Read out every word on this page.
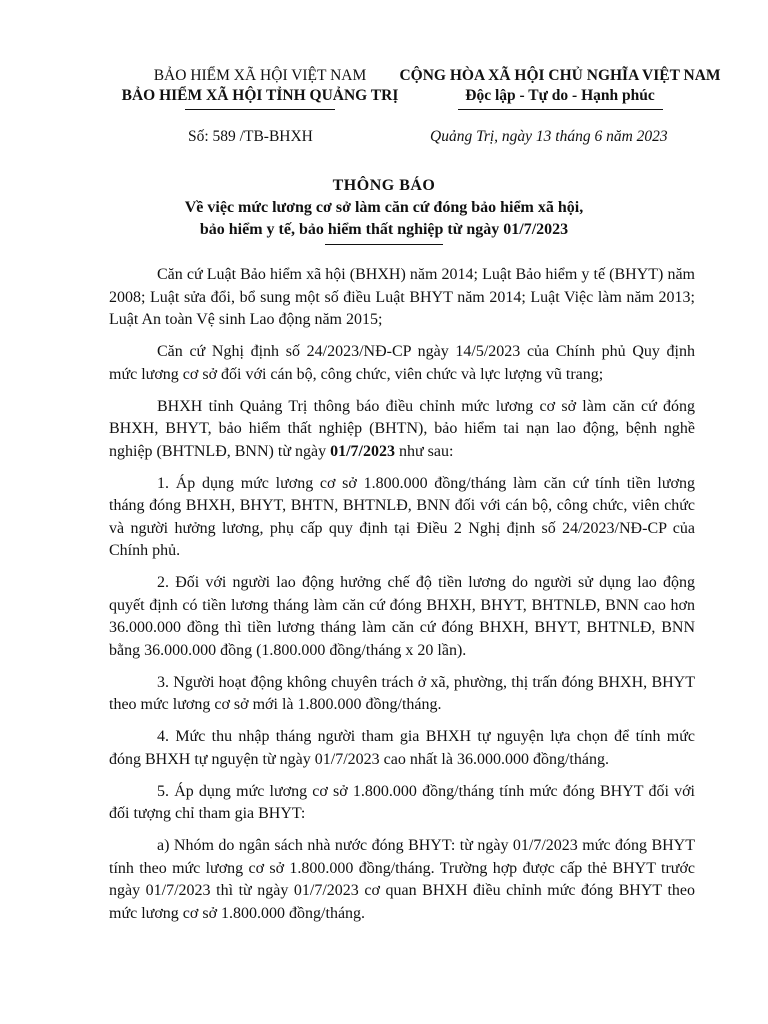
BẢO HIỂM XÃ HỘI VIỆT NAM
BẢO HIỂM XÃ HỘI TỈNH QUẢNG TRỊ
CỘNG HÒA XÃ HỘI CHỦ NGHĨA VIỆT NAM
Độc lập - Tự do - Hạnh phúc
Số: 589 /TB-BHXH	Quảng Trị, ngày 13 tháng 6 năm 2023
THÔNG BÁO
Về việc mức lương cơ sở làm căn cứ đóng bảo hiểm xã hội,
bảo hiểm y tế, bảo hiểm thất nghiệp từ ngày 01/7/2023

Căn cứ Luật Bảo hiểm xã hội (BHXH) năm 2014; Luật Bảo hiểm y tế (BHYT) năm 2008; Luật sửa đổi, bổ sung một số điều Luật BHYT năm 2014; Luật Việc làm năm 2013; Luật An toàn Vệ sinh Lao động năm 2015;

Căn cứ Nghị định số 24/2023/NĐ-CP ngày 14/5/2023 của Chính phủ Quy định mức lương cơ sở đối với cán bộ, công chức, viên chức và lực lượng vũ trang;

BHXH tỉnh Quảng Trị thông báo điều chỉnh mức lương cơ sở làm căn cứ đóng BHXH, BHYT, bảo hiểm thất nghiệp (BHTN), bảo hiểm tai nạn lao động, bệnh nghề nghiệp (BHTNLĐ, BNN) từ ngày 01/7/2023 như sau:

1. Áp dụng mức lương cơ sở 1.800.000 đồng/tháng làm căn cứ tính tiền lương tháng đóng BHXH, BHYT, BHTN, BHTNLĐ, BNN đối với cán bộ, công chức, viên chức và người hưởng lương, phụ cấp quy định tại Điều 2 Nghị định số 24/2023/NĐ-CP của Chính phủ.

2. Đối với người lao động hưởng chế độ tiền lương do người sử dụng lao động quyết định có tiền lương tháng làm căn cứ đóng BHXH, BHYT, BHTNLĐ, BNN cao hơn 36.000.000 đồng thì tiền lương tháng làm căn cứ đóng BHXH, BHYT, BHTNLĐ, BNN bằng 36.000.000 đồng (1.800.000 đồng/tháng x 20 lần).

3. Người hoạt động không chuyên trách ở xã, phường, thị trấn đóng BHXH, BHYT theo mức lương cơ sở mới là 1.800.000 đồng/tháng.

4. Mức thu nhập tháng người tham gia BHXH tự nguyện lựa chọn để tính mức đóng BHXH tự nguyện từ ngày 01/7/2023 cao nhất là 36.000.000 đồng/tháng.

5. Áp dụng mức lương cơ sở 1.800.000 đồng/tháng tính mức đóng BHYT đối với đối tượng chỉ tham gia BHYT:

a) Nhóm do ngân sách nhà nước đóng BHYT: từ ngày 01/7/2023 mức đóng BHYT tính theo mức lương cơ sở 1.800.000 đồng/tháng. Trường hợp được cấp thẻ BHYT trước ngày 01/7/2023 thì từ ngày 01/7/2023 cơ quan BHXH điều chỉnh mức đóng BHYT theo mức lương cơ sở 1.800.000 đồng/tháng.
